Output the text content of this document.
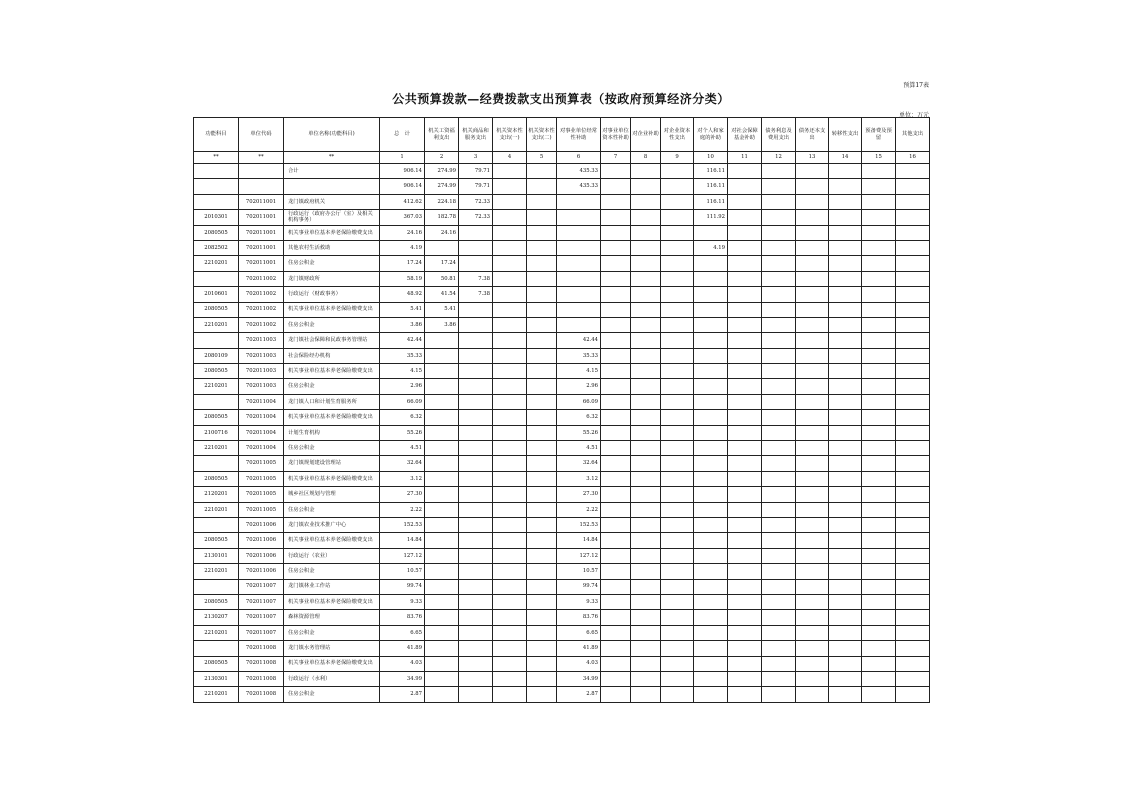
预算17表
公共预算拨款—经费拨款支出预算表（按政府预算经济分类）
单位：万元
功能科目	单位代码	单位名称(功能科目)	总　计	机关工资福利支出	机关商品和服务支出	机关资本性支出(一)	机关资本性支出(二)	对事业单位经常性补助	对事业单位资本性补助	对企业补助	对企业资本性支出	对个人和家庭的补助	对社会保障基金补助	债务利息及费用支出	债务还本支出	转移性支出	预备费及预留	其他支出
**	**	**	1	2	3	4	5	6	7	8	9	10	11	12	13	14	15	16
		合计	906.14	274.99	79.71			435.33				116.11						
			906.14	274.99	79.71			435.33				116.11						
	702011001	龙门镇政府机关	412.62	224.18	72.33							116.11						
2010301	702011001	行政运行（政府办公厅（室）及相关机构事务）	367.03	182.78	72.33							111.92						
2080505	702011001	机关事业单位基本养老保险缴费支出	24.16	24.16														
2082502	702011001	其他农村生活救助	4.19									4.19						
2210201	702011001	住房公积金	17.24	17.24														
	702011002	龙门镇财政所	58.19	50.81	7.38													
2010601	702011002	行政运行（财政事务）	48.92	41.54	7.38													
2080505	702011002	机关事业单位基本养老保险缴费支出	5.41	5.41														
2210201	702011002	住房公积金	3.86	3.86														
	702011003	龙门镇社会保障和民政事务管理站	42.44					42.44										
2080109	702011003	社会保险经办机构	35.33					35.33										
2080505	702011003	机关事业单位基本养老保险缴费支出	4.15					4.15										
2210201	702011003	住房公积金	2.96					2.96										
	702011004	龙门镇人口和计划生育服务所	66.09					66.09										
2080505	702011004	机关事业单位基本养老保险缴费支出	6.32					6.32										
2100716	702011004	计划生育机构	55.26					55.26										
2210201	702011004	住房公积金	4.51					4.51										
	702011005	龙门镇规划建设管理站	32.64					32.64										
2080505	702011005	机关事业单位基本养老保险缴费支出	3.12					3.12										
2120201	702011005	城乡社区规划与管理	27.30					27.30										
2210201	702011005	住房公积金	2.22					2.22										
	702011006	龙门镇农业技术推广中心	152.53					152.53										
2080505	702011006	机关事业单位基本养老保险缴费支出	14.84					14.84										
2130101	702011006	行政运行（农业）	127.12					127.12										
2210201	702011006	住房公积金	10.57					10.57										
	702011007	龙门镇林业工作站	99.74					99.74										
2080505	702011007	机关事业单位基本养老保险缴费支出	9.33					9.33										
2130207	702011007	森林资源管理	83.76					83.76										
2210201	702011007	住房公积金	6.65					6.65										
	702011008	龙门镇水务管理站	41.89					41.89										
2080505	702011008	机关事业单位基本养老保险缴费支出	4.03					4.03										
2130301	702011008	行政运行（水利）	34.99					34.99										
2210201	702011008	住房公积金	2.87					2.87										
